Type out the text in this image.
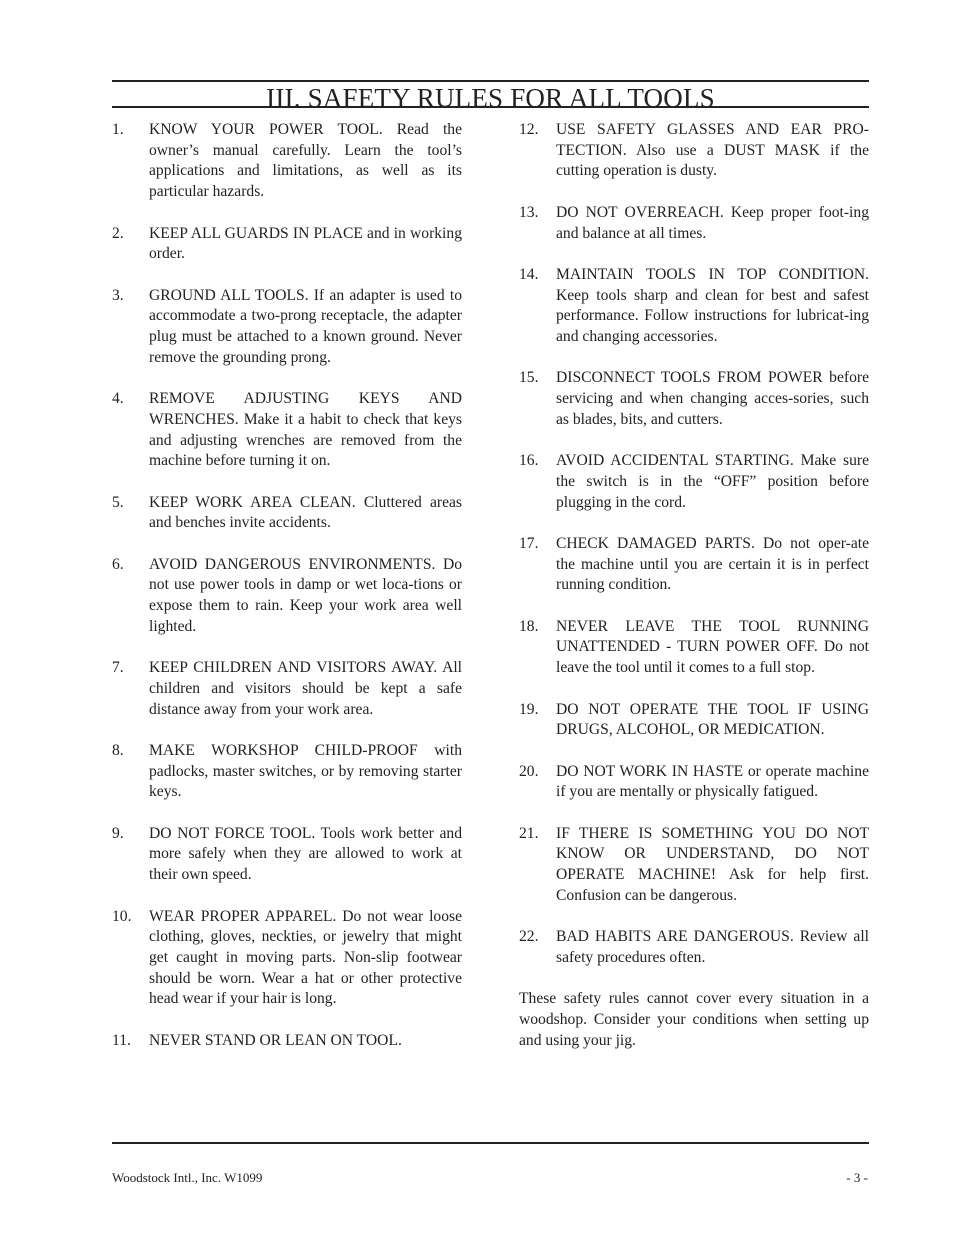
III. SAFETY RULES FOR ALL TOOLS
1.	KNOW YOUR POWER TOOL. Read the owner’s manual carefully. Learn the tool’s applications and limitations, as well as its particular hazards.
2.	KEEP ALL GUARDS IN PLACE and in working order.
3.	GROUND ALL TOOLS. If an adapter is used to accommodate a two-prong receptacle, the adapter plug must be attached to a known ground. Never remove the grounding prong.
4.	REMOVE ADJUSTING KEYS AND WRENCHES. Make it a habit to check that keys and adjusting wrenches are removed from the machine before turning it on.
5.	KEEP WORK AREA CLEAN. Cluttered areas and benches invite accidents.
6.	AVOID DANGEROUS ENVIRONMENTS. Do not use power tools in damp or wet loca-tions or expose them to rain. Keep your work area well lighted.
7.	KEEP CHILDREN AND VISITORS AWAY. All children and visitors should be kept a safe distance away from your work area.
8.	MAKE WORKSHOP CHILD-PROOF with padlocks, master switches, or by removing starter keys.
9.	DO NOT FORCE TOOL. Tools work better and more safely when they are allowed to work at their own speed.
10.	WEAR PROPER APPAREL. Do not wear loose clothing, gloves, neckties, or jewelry that might get caught in moving parts. Non-slip footwear should be worn. Wear a hat or other protective head wear if your hair is long.
11.	NEVER STAND OR LEAN ON TOOL.
12.	USE SAFETY GLASSES AND EAR PRO-TECTION. Also use a DUST MASK if the cutting operation is dusty.
13.	DO NOT OVERREACH. Keep proper foot-ing and balance at all times.
14.	MAINTAIN TOOLS IN TOP CONDITION. Keep tools sharp and clean for best and safest performance. Follow instructions for lubricat-ing and changing accessories.
15.	DISCONNECT TOOLS FROM POWER before servicing and when changing acces-sories, such as blades, bits, and cutters.
16.	AVOID ACCIDENTAL STARTING. Make sure the switch is in the “OFF” position before plugging in the cord.
17.	CHECK DAMAGED PARTS. Do not oper-ate the machine until you are certain it is in perfect running condition.
18.	NEVER LEAVE THE TOOL RUNNING UNATTENDED - TURN POWER OFF. Do not leave the tool until it comes to a full stop.
19.	DO NOT OPERATE THE TOOL IF USING DRUGS, ALCOHOL, OR MEDICATION.
20.	DO NOT WORK IN HASTE or operate machine if you are mentally or physically fatigued.
21.	IF THERE IS SOMETHING YOU DO NOT KNOW OR UNDERSTAND, DO NOT OPERATE MACHINE! Ask for help first. Confusion can be dangerous.
22.	BAD HABITS ARE DANGEROUS. Review all safety procedures often.

These safety rules cannot cover every situation in a woodshop. Consider your conditions when setting up and using your jig.

Woodstock Intl., Inc. W1099	- 3 -
